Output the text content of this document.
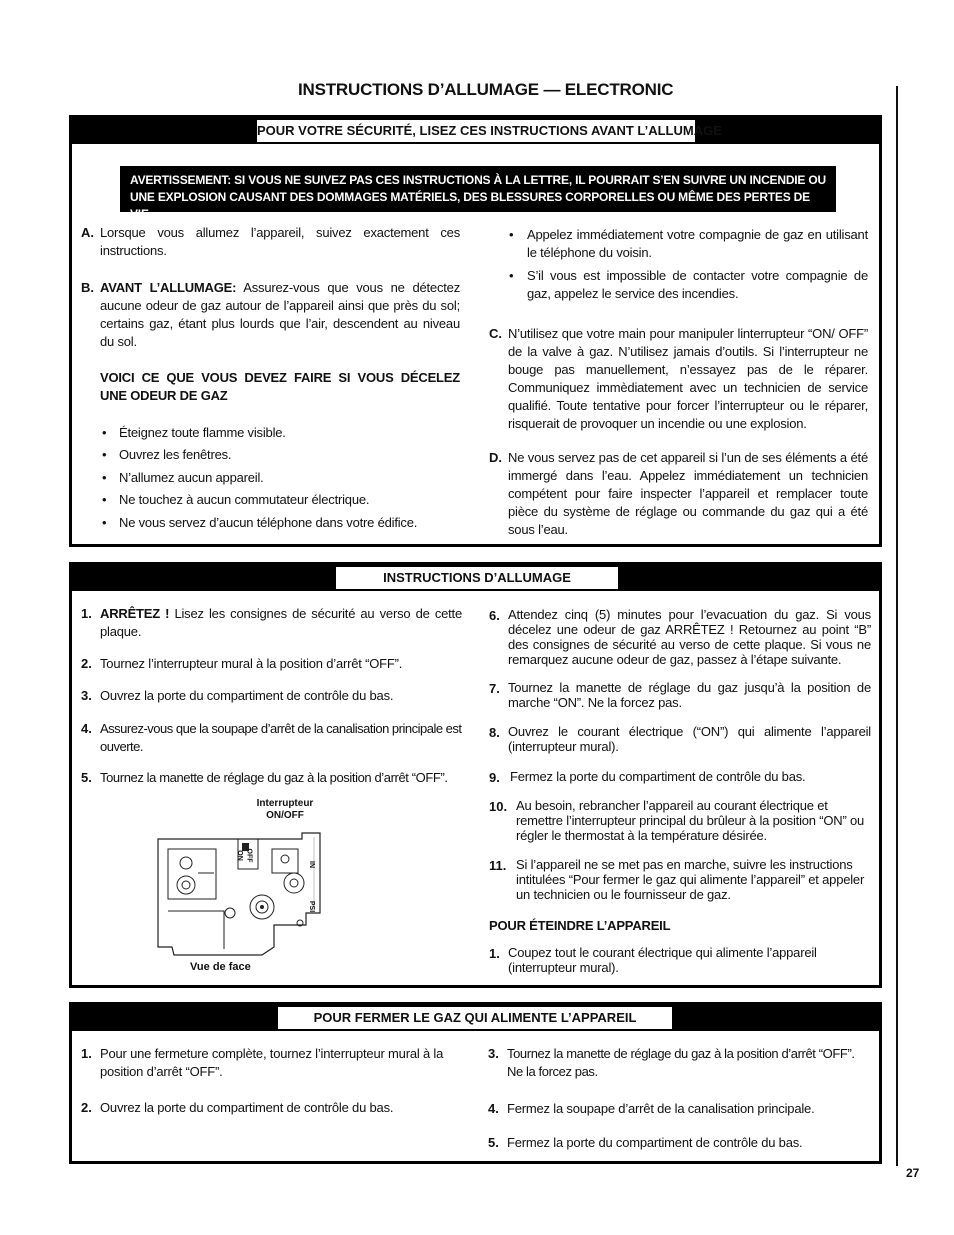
INSTRUCTIONS D’ALLUMAGE — ELECTRONIC
27
POUR VOTRE SÉCURITÉ, LISEZ CES INSTRUCTIONS AVANT L’ALLUMAGE
AVERTISSEMENT: SI VOUS NE SUIVEZ PAS CES INSTRUCTIONS À LA LETTRE, IL POURRAIT S’EN SUIVRE UN INCENDIE OU UNE EXPLOSION CAUSANT DES DOMMAGES MATÉRIELS, DES BLESSURES CORPORELLES OU MÊME DES PERTES DE VIE.
A. Lorsque vous allumez l’appareil, suivez exactement ces instructions.
B. AVANT L’ALLUMAGE: Assurez-vous que vous ne détectez aucune odeur de gaz autour de l’appareil ainsi que près du sol; certains gaz, étant plus lourds que l’air, descendent au niveau du sol.
VOICI CE QUE VOUS DEVEZ FAIRE SI VOUS DÉCELEZ UNE ODEUR DE GAZ
• Éteignez toute flamme visible.
• Ouvrez les fenêtres.
• N’allumez aucun appareil.
• Ne touchez à aucun commutateur électrique.
• Ne vous servez d’aucun téléphone dans votre édifice.
• Appelez immédiatement votre compagnie de gaz en utilisant le téléphone du voisin.
• S’il vous est impossible de contacter votre compagnie de gaz, appelez le service des incendies.
C. N’utilisez que votre main pour manipuler linterrupteur “ON/ OFF” de la valve à gaz. N’utilisez jamais d’outils. Si l’interrupteur ne bouge pas manuellement, n’essayez pas de le réparer. Communiquez immèdiatement avec un technicien de service qualifié. Toute tentative pour forcer l’interrupteur ou le réparer, risquerait de provoquer un incendie ou une explosion.
D. Ne vous servez pas de cet appareil si l’un de ses éléments a été immergé dans l’eau. Appelez immédiatement un technicien compétent pour faire inspecter l’appareil et remplacer toute pièce du système de réglage ou commande du gaz qui a été sous l’eau.
INSTRUCTIONS D’ALLUMAGE
1. ARRÊTEZ ! Lisez les consignes de sécurité au verso de cette plaque.
2. Tournez l’interrupteur mural à la position d’arrêt “OFF”.
3. Ouvrez la porte du compartiment de contrôle du bas.
4. Assurez-vous que la soupape d’arrêt de la canalisation principale est ouverte.
5. Tournez la manette de réglage du gaz à la position d’arrêt “OFF”.
Interrupteur ON/OFF
ON OFF
IN
PSI
Vue de face
6. Attendez cinq (5) minutes pour l’evacuation du gaz. Si vous décelez une odeur de gaz ARRÊTEZ ! Retournez au point “B” des consignes de sécurité au verso de cette plaque. Si vous ne remarquez aucune odeur de gaz, passez à l’étape suivante.
7. Tournez la manette de réglage du gaz jusqu’à la position de marche “ON”. Ne la forcez pas.
8. Ouvrez le courant électrique (“ON”) qui alimente l’appareil (interrupteur mural).
9. Fermez la porte du compartiment de contrôle du bas.
10. Au besoin, rebrancher l’appareil au courant électrique et remettre l’interrupteur principal du brûleur à la position “ON” ou régler le thermostat à la température désirée.
11. Si l’appareil ne se met pas en marche, suivre les instructions intitulées “Pour fermer le gaz qui alimente l’appareil” et appeler un technicien ou le fournisseur de gaz.
POUR ÉTEINDRE L’APPAREIL
1. Coupez tout le courant électrique qui alimente l’appareil (interrupteur mural).
POUR FERMER LE GAZ QUI ALIMENTE L’APPAREIL
1. Pour une fermeture complète, tournez l’interrupteur mural à la position d’arrêt “OFF”.
2. Ouvrez la porte du compartiment de contrôle du bas.
3. Tournez la manette de réglage du gaz à la position d’arrêt “OFF”. Ne la forcez pas.
4. Fermez la soupape d’arrêt de la canalisation principale.
5. Fermez la porte du compartiment de contrôle du bas.
